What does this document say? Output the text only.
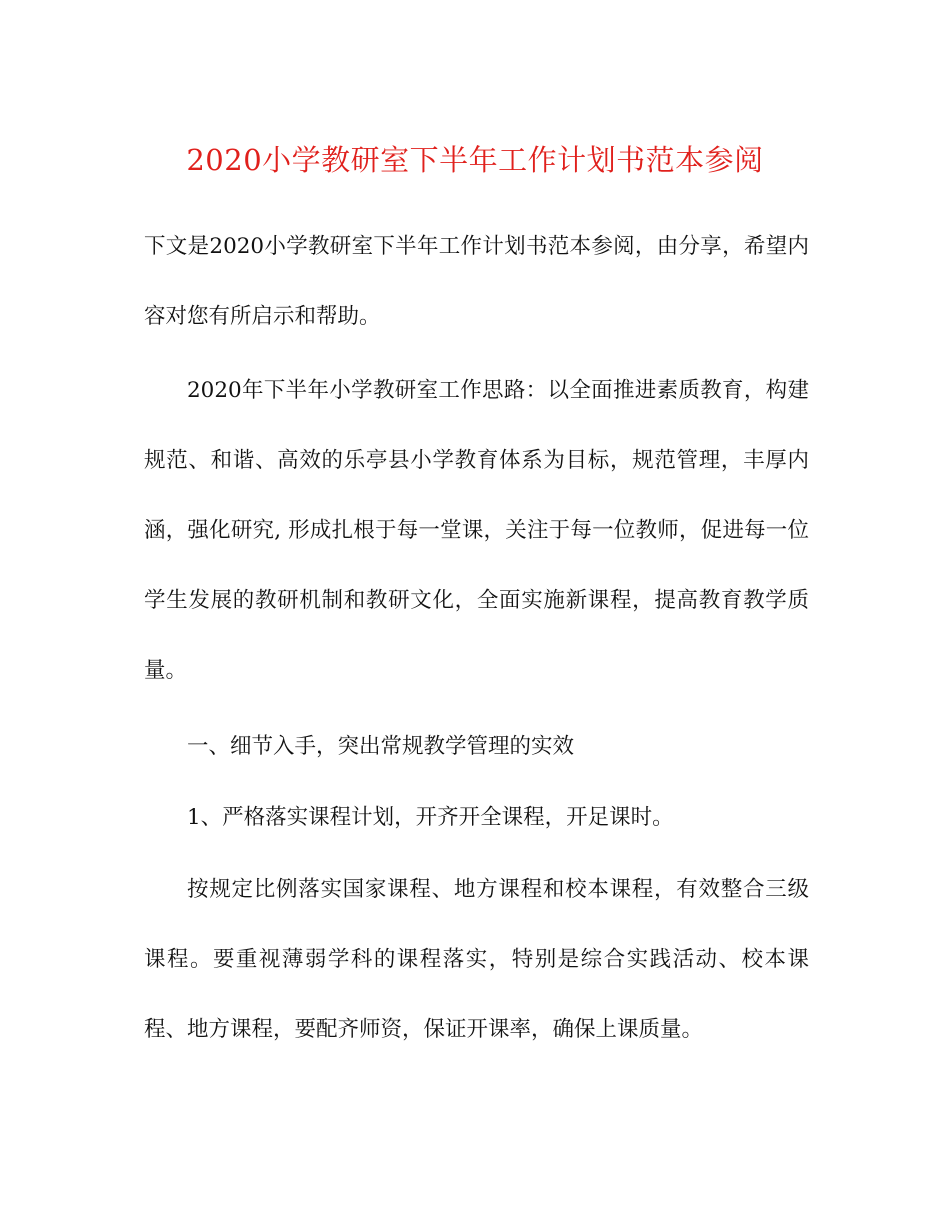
2020小学教研室下半年工作计划书范本参阅

下文是2020小学教研室下半年工作计划书范本参阅，由分享，希望内容对您有所启示和帮助。

2020年下半年小学教研室工作思路：以全面推进素质教育，构建规范、和谐、高效的乐亭县小学教育体系为目标，规范管理，丰厚内涵，强化研究, 形成扎根于每一堂课，关注于每一位教师，促进每一位学生发展的教研机制和教研文化，全面实施新课程，提高教育教学质量。

一、细节入手，突出常规教学管理的实效

1、严格落实课程计划，开齐开全课程，开足课时。

按规定比例落实国家课程、地方课程和校本课程，有效整合三级课程。要重视薄弱学科的课程落实，特别是综合实践活动、校本课程、地方课程，要配齐师资，保证开课率，确保上课质量。
